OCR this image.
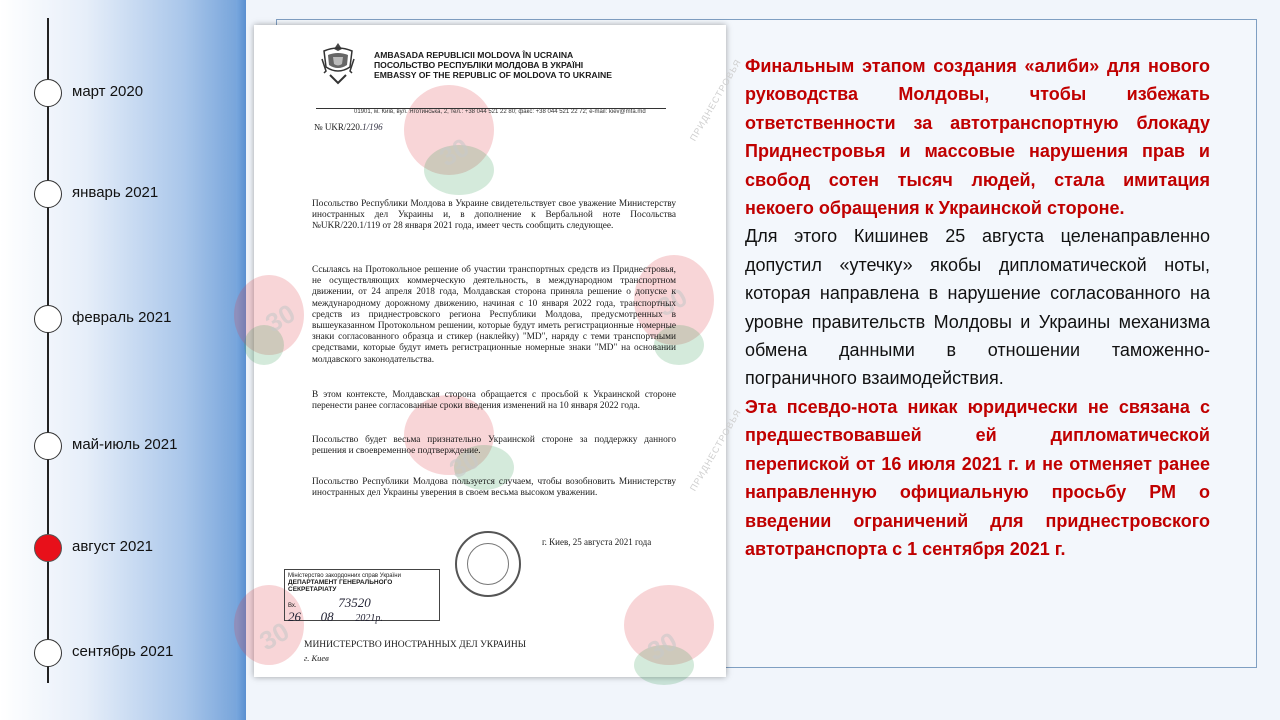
март 2020
январь 2021
февраль 2021
май-июль 2021
август 2021
сентябрь 2021
30
30	30
30
30	30
ПРИДНЕСТРОВЬЯ
ПРИДНЕСТРОВЬЯ
AMBASADA REPUBLICII MOLDOVA ÎN UCRAINA
ПОСОЛЬСТВО РЕСПУБЛІКИ МОЛДОВА В УКРАЇНІ
EMBASSY OF THE REPUBLIC OF MOLDOVA TO UKRAINE
01901, м. Київ, вул. Яготинська, 2, тел.: +38 044 521 22 80; факс: +38 044 521 22 72; e-mail: kiev@mfa.md
№ UKR/220.1/196
Посольство Республики Молдова в Украине свидетельствует свое уважение Министерству иностранных дел Украины и, в дополнение к Вербальной ноте Посольства №UKR/220.1/119 от 28 января 2021 года, имеет честь сообщить следующее.
Ссылаясь на Протокольное решение об участии транспортных средств из Приднестровья, не осуществляющих коммерческую деятельность, в международном транспортном движении, от 24 апреля 2018 года, Молдавская сторона приняла решение о допуске к международному дорожному движению, начиная с 10 января 2022 года, транспортных средств из приднестровского региона Республики Молдова, предусмотренных в вышеуказанном Протокольном решении, которые будут иметь регистрационные номерные знаки согласованного образца и стикер (наклейку) "MD", наряду с теми транспортными средствами, которые будут иметь регистрационные номерные знаки "MD" на основании молдавского законодательства.
В этом контексте, Молдавская сторона обращается с просьбой к Украинской стороне перенести ранее согласованные сроки введения изменений на 10 января 2022 года.
Посольство будет весьма признательно Украинской стороне за поддержку данного решения и своевременное подтверждение.
Посольство Республики Молдова пользуется случаем, чтобы возобновить Министерству иностранных дел Украины уверения в своем весьма высоком уважении.
г. Киев, 25 августа 2021 года
Міністерство закордонних справ України
ДЕПАРТАМЕНТ ГЕНЕРАЛЬНОГО СЕКРЕТАРІАТУ
Вх.	73520
26 08 2021р.
МИНИСТЕРСТВО ИНОСТРАННЫХ ДЕЛ УКРАИНЫ
г. Киев

Финальным этапом создания «алиби» для нового руководства Молдовы, чтобы избежать ответственности за автотранспортную блокаду Приднестровья и массовые нарушения прав и свобод сотен тысяч людей, стала имитация некоего обращения к Украинской стороне.

Для этого Кишинев 25 августа целенаправленно допустил «утечку» якобы дипломатической ноты, которая направлена в нарушение согласованного на уровне правительств Молдовы и Украины механизма обмена данными в отношении таможенно-пограничного взаимодействия.

Эта псевдо-нота никак юридически не связана с предшествовавшей ей дипломатической перепиской от 16 июля 2021 г. и не отменяет ранее направленную официальную просьбу РМ о введении ограничений для приднестровского автотранспорта с 1 сентября 2021 г.
